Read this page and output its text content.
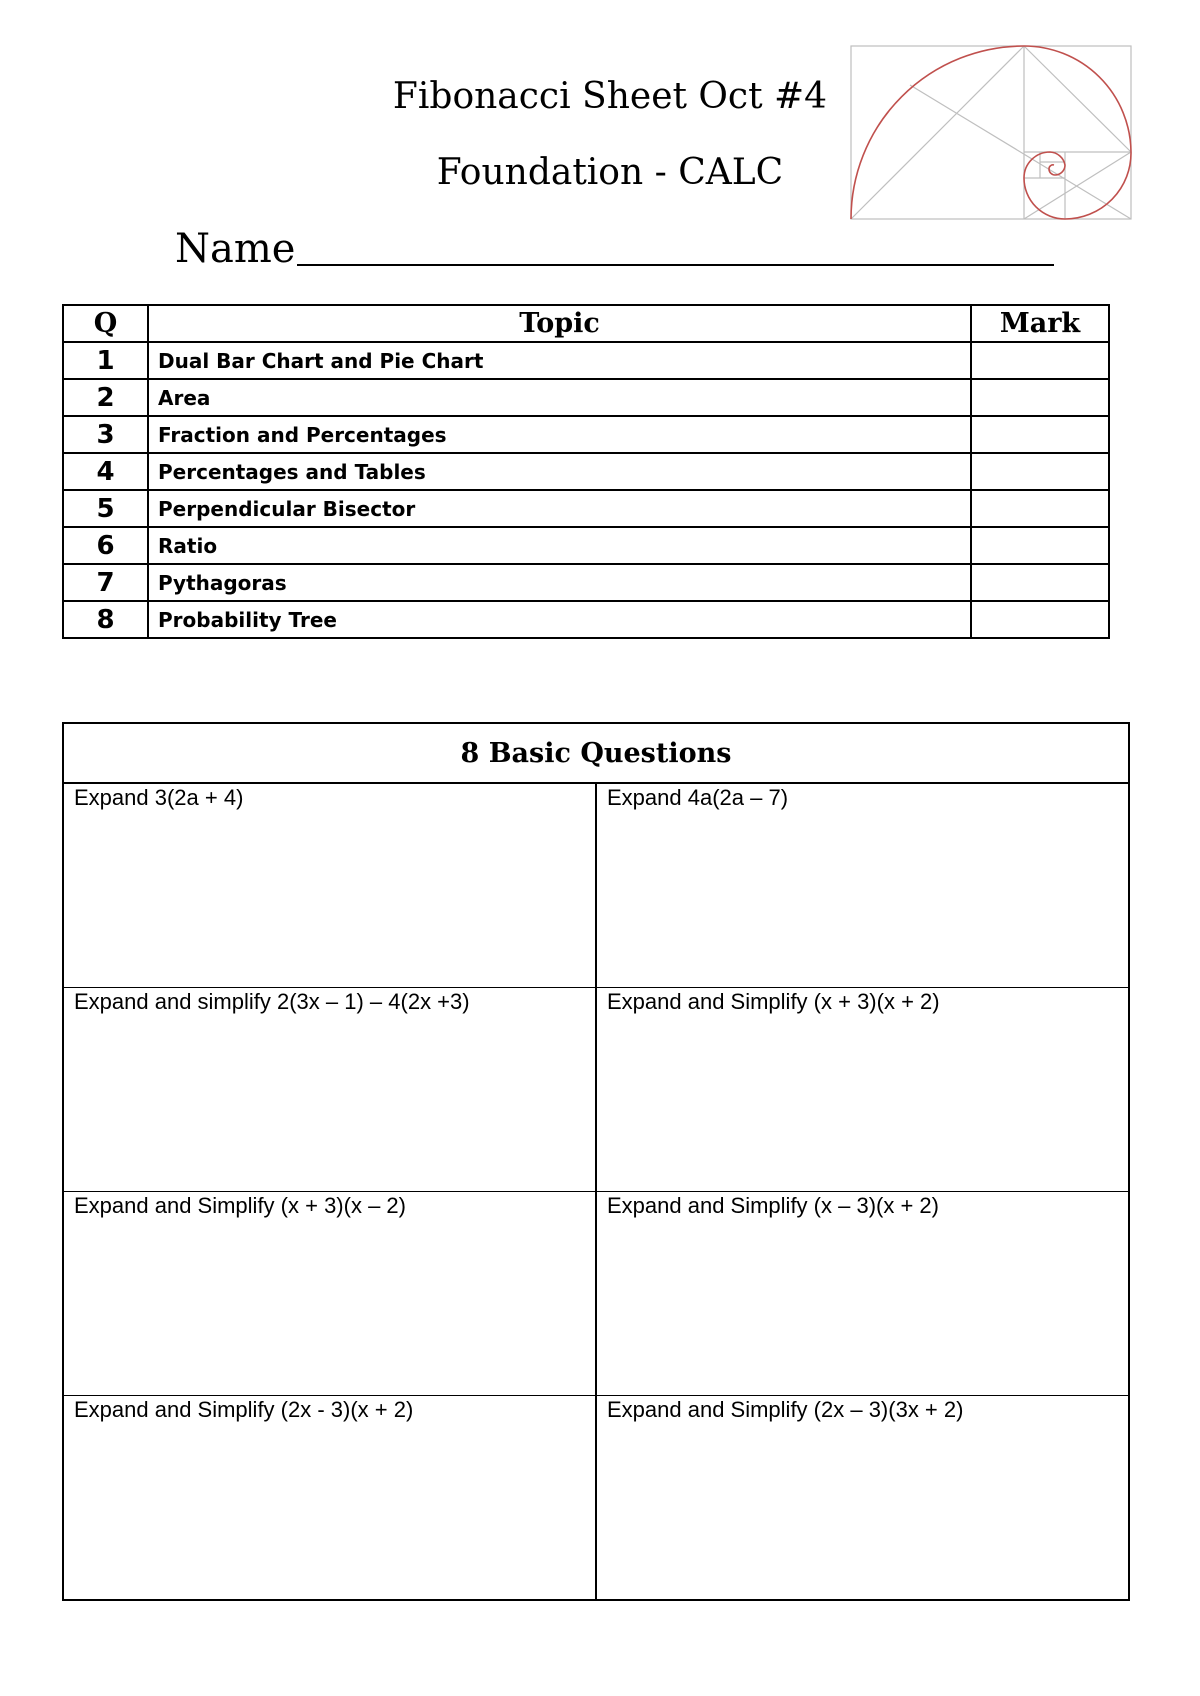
Fibonacci Sheet Oct #4
Foundation - CALC
Name
Q	Topic	Mark
1	Dual Bar Chart and Pie Chart	
2	Area	
3	Fraction and Percentages	
4	Percentages and Tables	
5	Perpendicular Bisector	
6	Ratio	
7	Pythagoras	
8	Probability Tree	
8 Basic Questions	
Expand 3(2a + 4)	Expand 4a(2a – 7)
Expand and simplify 2(3x – 1) – 4(2x +3)	Expand and Simplify (x + 3)(x + 2)
Expand and Simplify (x + 3)(x – 2)	Expand and Simplify (x – 3)(x + 2)
Expand and Simplify (2x - 3)(x + 2)	Expand and Simplify (2x – 3)(3x + 2)
